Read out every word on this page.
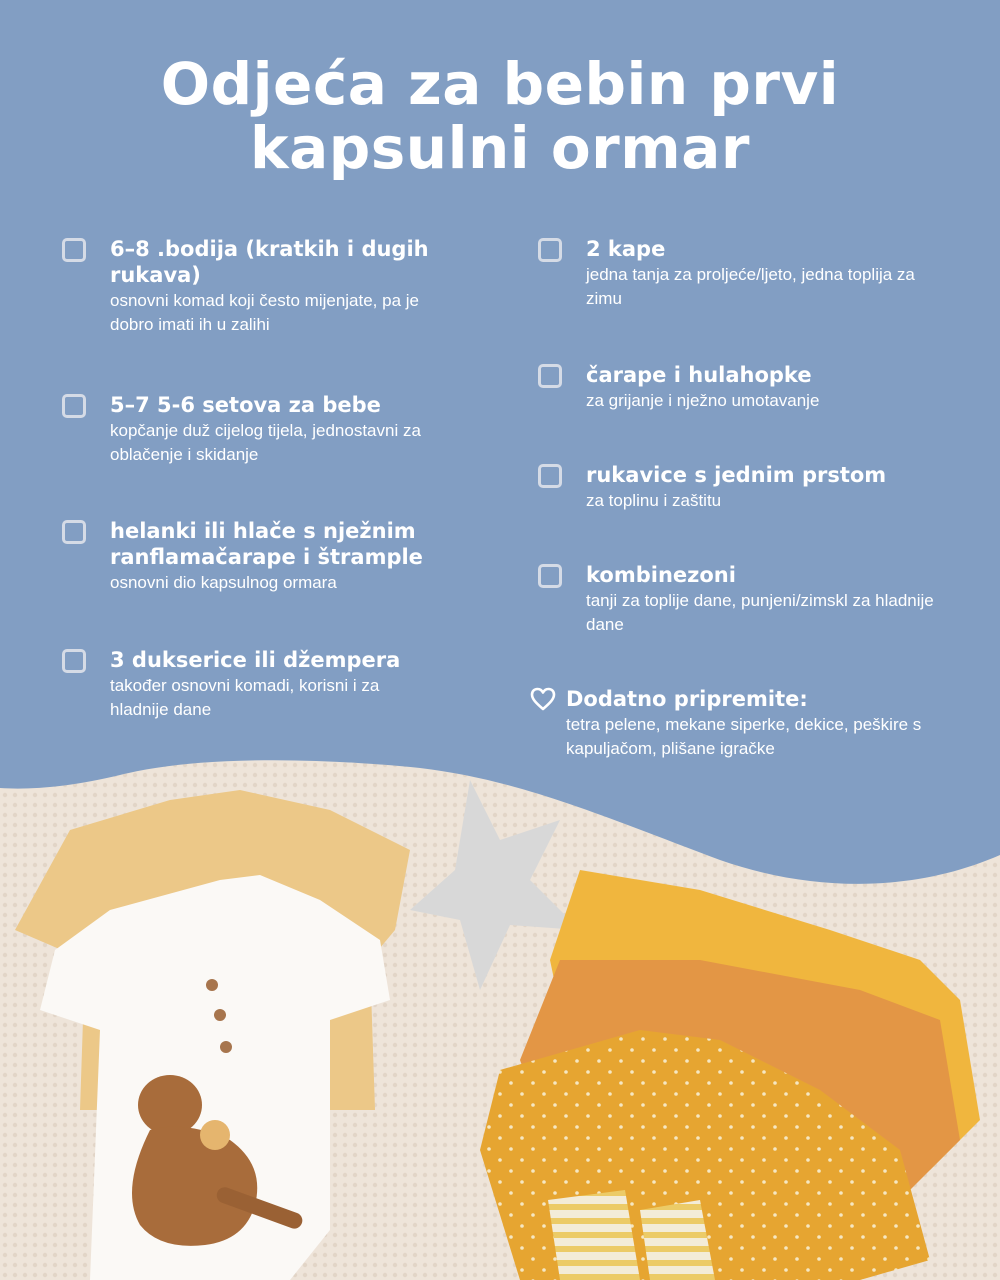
Odjeća za bebin prvi kapsulni ormar
6–8 .bodija (kratkih i dugih rukava)
osnovni komad koji često mijenjate, pa je dobro imati ih u zalihi
5–7 5-6 setova za bebe
kopčanje duž cijelog tijela, jednostavni za oblačenje i skidanje
helanki ili hlače s nježnim ranflamačarape i štrample
osnovni dio kapsulnog ormara
3 dukserice ili džempera
također osnovni komadi, korisni i za hladnije dane
2 kape
jedna tanja za proljeće/ljeto, jedna toplija za zimu
čarape i hulahopke
za grijanje i nježno umotavanje
rukavice s jednim prstom
za toplinu i zaštitu
kombinezoni
tanji za toplije dane, punjeni/zimskl za hladnije dane
Dodatno pripremite:
tetra pelene, mekane siperke, dekice, peškire s kapuljačom, plišane igračke
